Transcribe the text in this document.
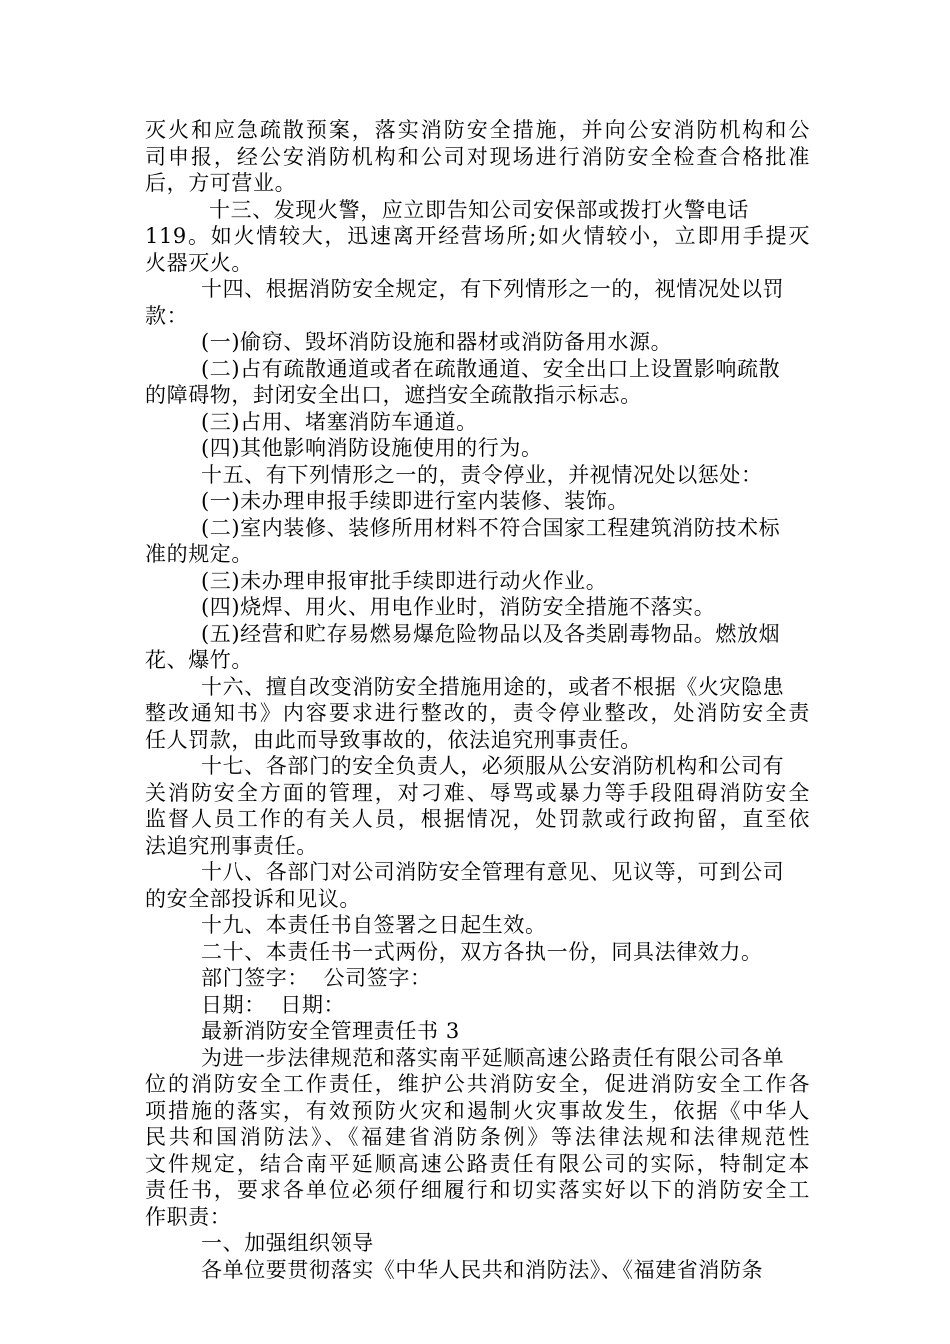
灭火和应急疏散预案，落实消防安全措施，并向公安消防机构和公
司申报，经公安消防机构和公司对现场进行消防安全检查合格批准
后，方可营业。
十三、发现火警，应立即告知公司安保部或拨打火警电话
119。如火情较大，迅速离开经营场所;如火情较小，立即用手提灭
火器灭火。
十四、根据消防安全规定，有下列情形之一的，视情况处以罚
款：
(一)偷窃、毁坏消防设施和器材或消防备用水源。
(二)占有疏散通道或者在疏散通道、安全出口上设置影响疏散
的障碍物，封闭安全出口，遮挡安全疏散指示标志。
(三)占用、堵塞消防车通道。
(四)其他影响消防设施使用的行为。
十五、有下列情形之一的，责令停业，并视情况处以惩处：
(一)未办理申报手续即进行室内装修、装饰。
(二)室内装修、装修所用材料不符合国家工程建筑消防技术标
准的规定。
(三)未办理申报审批手续即进行动火作业。
(四)烧焊、用火、用电作业时，消防安全措施不落实。
(五)经营和贮存易燃易爆危险物品以及各类剧毒物品。燃放烟
花、爆竹。
十六、擅自改变消防安全措施用途的，或者不根据《火灾隐患
整改通知书》内容要求进行整改的，责令停业整改，处消防安全责
任人罚款，由此而导致事故的，依法追究刑事责任。
十七、各部门的安全负责人，必须服从公安消防机构和公司有
关消防安全方面的管理，对刁难、辱骂或暴力等手段阻碍消防安全
监督人员工作的有关人员，根据情况，处罚款或行政拘留，直至依
法追究刑事责任。
十八、各部门对公司消防安全管理有意见、见议等，可到公司
的安全部投诉和见议。
十九、本责任书自签署之日起生效。
二十、本责任书一式两份，双方各执一份，同具法律效力。
部门签字：  公司签字：
日期：  日期：
最新消防安全管理责任书 3
为进一步法律规范和落实南平延顺高速公路责任有限公司各单
位的消防安全工作责任，维护公共消防安全，促进消防安全工作各
项措施的落实，有效预防火灾和遏制火灾事故发生，依据《中华人
民共和国消防法》、《福建省消防条例》等法律法规和法律规范性
文件规定，结合南平延顺高速公路责任有限公司的实际，特制定本
责任书，要求各单位必须仔细履行和切实落实好以下的消防安全工
作职责：
一、加强组织领导
各单位要贯彻落实《中华人民共和消防法》、《福建省消防条
